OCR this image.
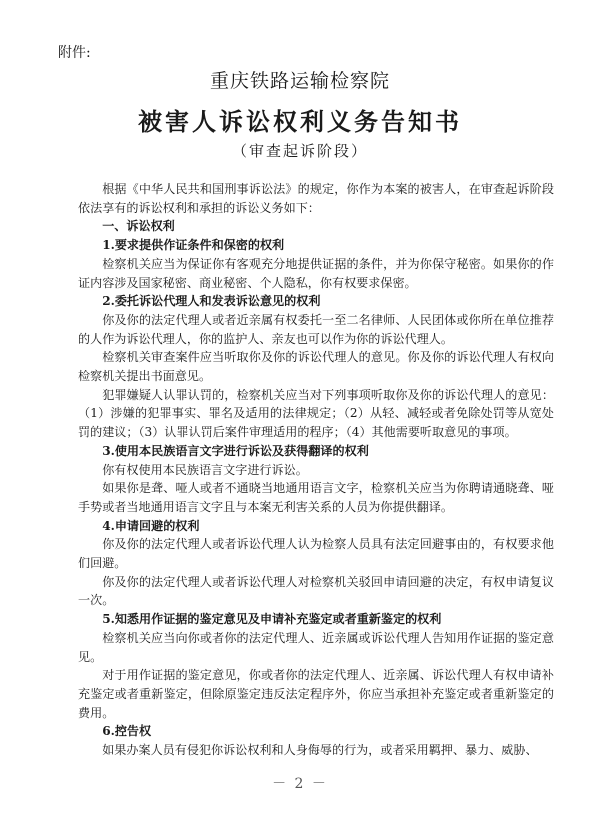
附件:
重庆铁路运输检察院
被害人诉讼权利义务告知书
（审查起诉阶段）

根据《中华人民共和国刑事诉讼法》的规定，你作为本案的被害人，在审查起诉阶段依法享有的诉讼权利和承担的诉讼义务如下：

一、诉讼权利

1.要求提供作证条件和保密的权利

检察机关应当为保证你有客观充分地提供证据的条件，并为你保守秘密。如果你的作证内容涉及国家秘密、商业秘密、个人隐私，你有权要求保密。

2.委托诉讼代理人和发表诉讼意见的权利

你及你的法定代理人或者近亲属有权委托一至二名律师、人民团体或你所在单位推荐的人作为诉讼代理人，你的监护人、亲友也可以作为你的诉讼代理人。

检察机关审查案件应当听取你及你的诉讼代理人的意见。你及你的诉讼代理人有权向检察机关提出书面意见。

犯罪嫌疑人认罪认罚的，检察机关应当对下列事项听取你及你的诉讼代理人的意见：（1）涉嫌的犯罪事实、罪名及适用的法律规定；（2）从轻、减轻或者免除处罚等从宽处罚的建议；（3）认罪认罚后案件审理适用的程序；（4）其他需要听取意见的事项。

3.使用本民族语言文字进行诉讼及获得翻译的权利

你有权使用本民族语言文字进行诉讼。

如果你是聋、哑人或者不通晓当地通用语言文字，检察机关应当为你聘请通晓聋、哑手势或者当地通用语言文字且与本案无利害关系的人员为你提供翻译。

4.申请回避的权利

你及你的法定代理人或者诉讼代理人认为检察人员具有法定回避事由的，有权要求他们回避。

你及你的法定代理人或者诉讼代理人对检察机关驳回申请回避的决定，有权申请复议一次。

5.知悉用作证据的鉴定意见及申请补充鉴定或者重新鉴定的权利

检察机关应当向你或者你的法定代理人、近亲属或诉讼代理人告知用作证据的鉴定意见。

对于用作证据的鉴定意见，你或者你的法定代理人、近亲属、诉讼代理人有权申请补充鉴定或者重新鉴定，但除原鉴定违反法定程序外，你应当承担补充鉴定或者重新鉴定的费用。

6.控告权

如果办案人员有侵犯你诉讼权利和人身侮辱的行为，或者采用羁押、暴力、威胁、

－ 2 －
